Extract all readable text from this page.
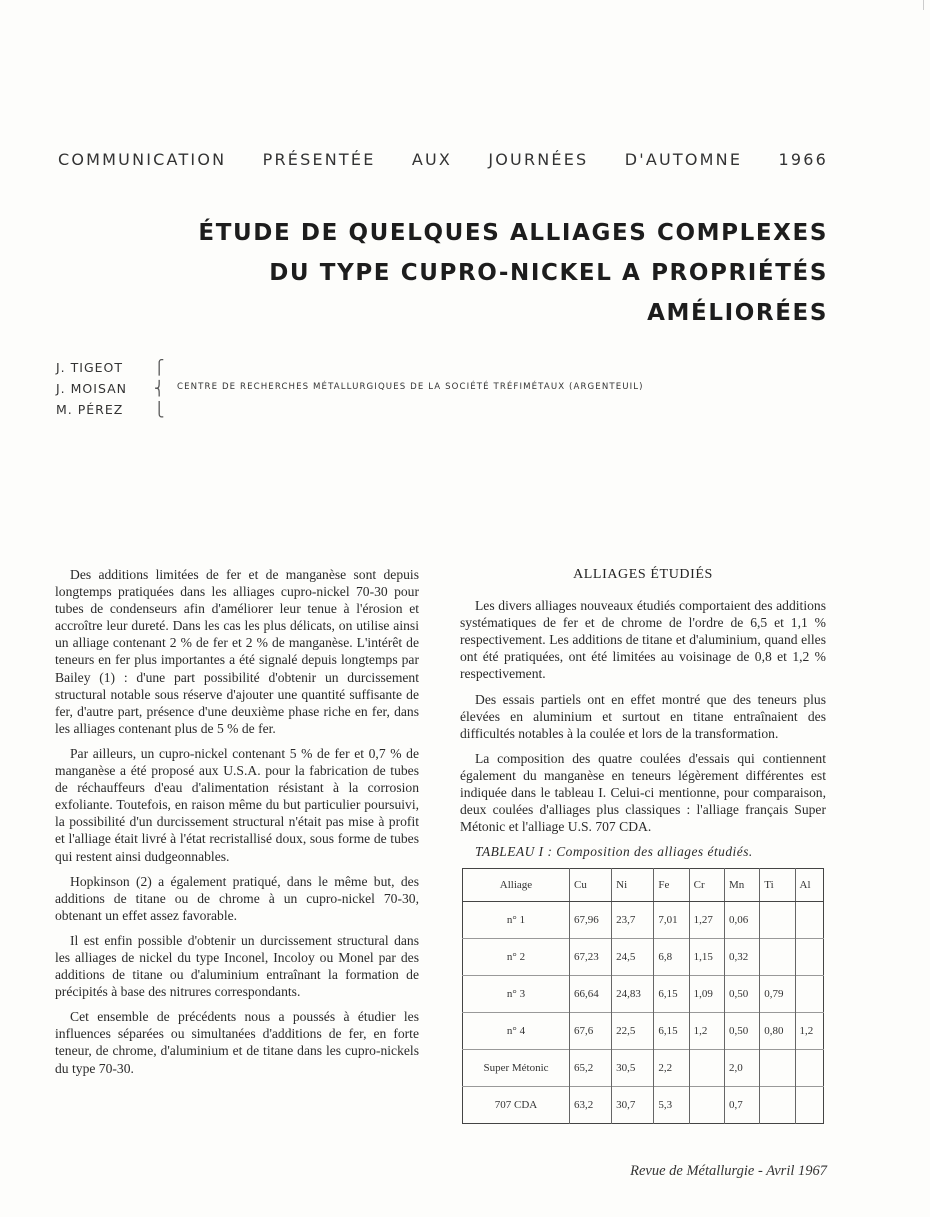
COMMUNICATION PRÉSENTÉE AUX JOURNÉES D'AUTOMNE 1966
ÉTUDE DE QUELQUES ALLIAGES COMPLEXES
DU TYPE CUPRO-NICKEL A PROPRIÉTÉS AMÉLIORÉES
J. TIGEOT
J. MOISAN
M. PÉREZ
⎧
⎨
⎩
CENTRE DE RECHERCHES MÉTALLURGIQUES DE LA SOCIÉTÉ TRÉFIMÉTAUX (ARGENTEUIL)

Des additions limitées de fer et de manganèse sont depuis longtemps pratiquées dans les alliages cupro-nickel 70-30 pour tubes de condenseurs afin d'améliorer leur tenue à l'érosion et accroître leur dureté. Dans les cas les plus délicats, on utilise ainsi un alliage contenant 2 % de fer et 2 % de manganèse. L'intérêt de teneurs en fer plus importantes a été signalé depuis longtemps par Bailey (1) : d'une part possibilité d'obtenir un durcissement structural notable sous réserve d'ajouter une quantité suffisante de fer, d'autre part, présence d'une deuxième phase riche en fer, dans les alliages contenant plus de 5 % de fer.

Par ailleurs, un cupro-nickel contenant 5 % de fer et 0,7 % de manganèse a été proposé aux U.S.A. pour la fabrication de tubes de réchauffeurs d'eau d'alimentation résistant à la corrosion exfoliante. Toutefois, en raison même du but particulier poursuivi, la possibilité d'un durcissement structural n'était pas mise à profit et l'alliage était livré à l'état recristallisé doux, sous forme de tubes qui restent ainsi dudgeonnables.

Hopkinson (2) a également pratiqué, dans le même but, des additions de titane ou de chrome à un cupro-nickel 70-30, obtenant un effet assez favorable.

Il est enfin possible d'obtenir un durcissement structural dans les alliages de nickel du type Inconel, Incoloy ou Monel par des additions de titane ou d'aluminium entraînant la formation de précipités à base des nitrures correspondants.

Cet ensemble de précédents nous a poussés à étudier les influences séparées ou simultanées d'additions de fer, en forte teneur, de chrome, d'aluminium et de titane dans les cupro-nickels du type 70-30.

ALLIAGES ÉTUDIÉS

Les divers alliages nouveaux étudiés comportaient des additions systématiques de fer et de chrome de l'ordre de 6,5 et 1,1 % respectivement. Les additions de titane et d'aluminium, quand elles ont été pratiquées, ont été limitées au voisinage de 0,8 et 1,2 % respectivement.

Des essais partiels ont en effet montré que des teneurs plus élevées en aluminium et surtout en titane entraînaient des difficultés notables à la coulée et lors de la transformation.

La composition des quatre coulées d'essais qui contiennent également du manganèse en teneurs légèrement différentes est indiquée dans le tableau I. Celui-ci mentionne, pour comparaison, deux coulées d'alliages plus classiques : l'alliage français Super Métonic et l'alliage U.S. 707 CDA.

TABLEAU I : Composition des alliages étudiés.

Alliage	Cu	Ni	Fe	Cr	Mn	Ti	Al
n° 1	67,96	23,7	7,01	1,27	0,06		
n° 2	67,23	24,5	6,8	1,15	0,32		
n° 3	66,64	24,83	6,15	1,09	0,50	0,79	
n° 4	67,6	22,5	6,15	1,2	0,50	0,80	1,2
Super Métonic	65,2	30,5	2,2		2,0		
707 CDA	63,2	30,7	5,3		0,7		
Revue de Métallurgie - Avril 1967
